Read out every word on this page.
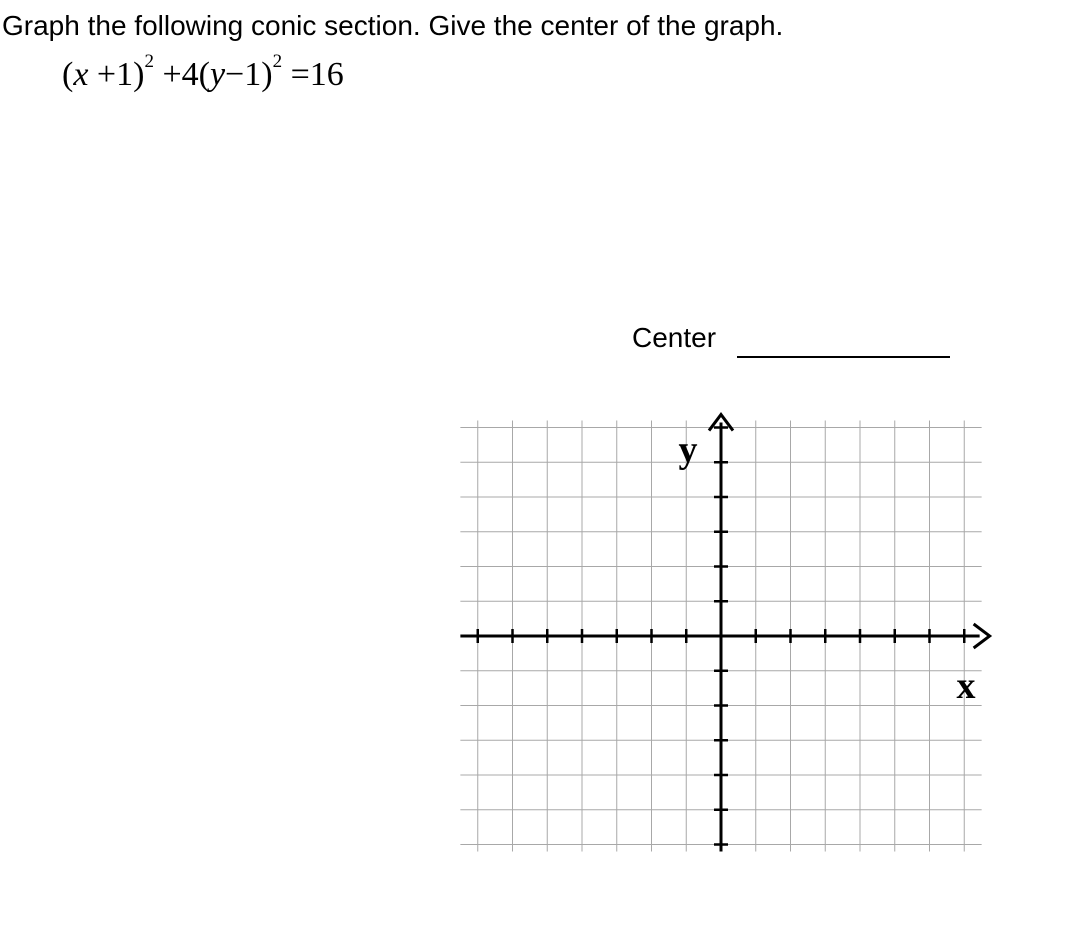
Graph the following conic section. Give the center of the graph.
$(x +1)^2 +4(y-1)^2 =16$
Center
y
x
